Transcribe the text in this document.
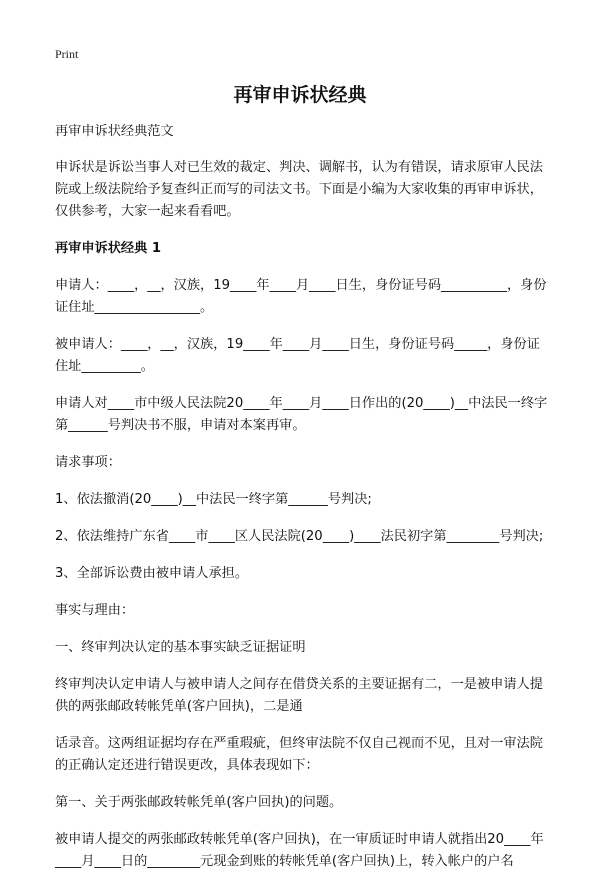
Print
再审申诉状经典

再审申诉状经典范文

申诉状是诉讼当事人对已生效的裁定、判决、调解书，认为有错误，请求原审人民法院或上级法院给予复查纠正而写的司法文书。下面是小编为大家收集的再审申诉状，仅供参考，大家一起来看看吧。

再审申诉状经典 1

申请人：____，__，汉族，19____年____月____日生，身份证号码__________，身份证住址________________。

被申请人：____，__，汉族，19____年____月____日生，身份证号码_____，身份证住址_________。

申请人对____市中级人民法院20____年____月____日作出的(20____)__中法民一终字第______号判决书不服，申请对本案再审。

请求事项：

1、依法撤消(20____)__中法民一终字第______号判决;

2、依法维持广东省____市____区人民法院(20____)____法民初字第________号判决;

3、全部诉讼费由被申请人承担。

事实与理由：

一、终审判决认定的基本事实缺乏证据证明

终审判决认定申请人与被申请人之间存在借贷关系的主要证据有二，一是被申请人提供的两张邮政转帐凭单(客户回执)，二是通

话录音。这两组证据均存在严重瑕疵，但终审法院不仅自己视而不见，且对一审法院的正确认定还进行错误更改，具体表现如下：

第一、关于两张邮政转帐凭单(客户回执)的问题。

被申请人提交的两张邮政转帐凭单(客户回执)，在一审质证时申请人就指出20____年____月____日的________元现金到账的转帐凭单(客户回执)上，转入帐户的户名
